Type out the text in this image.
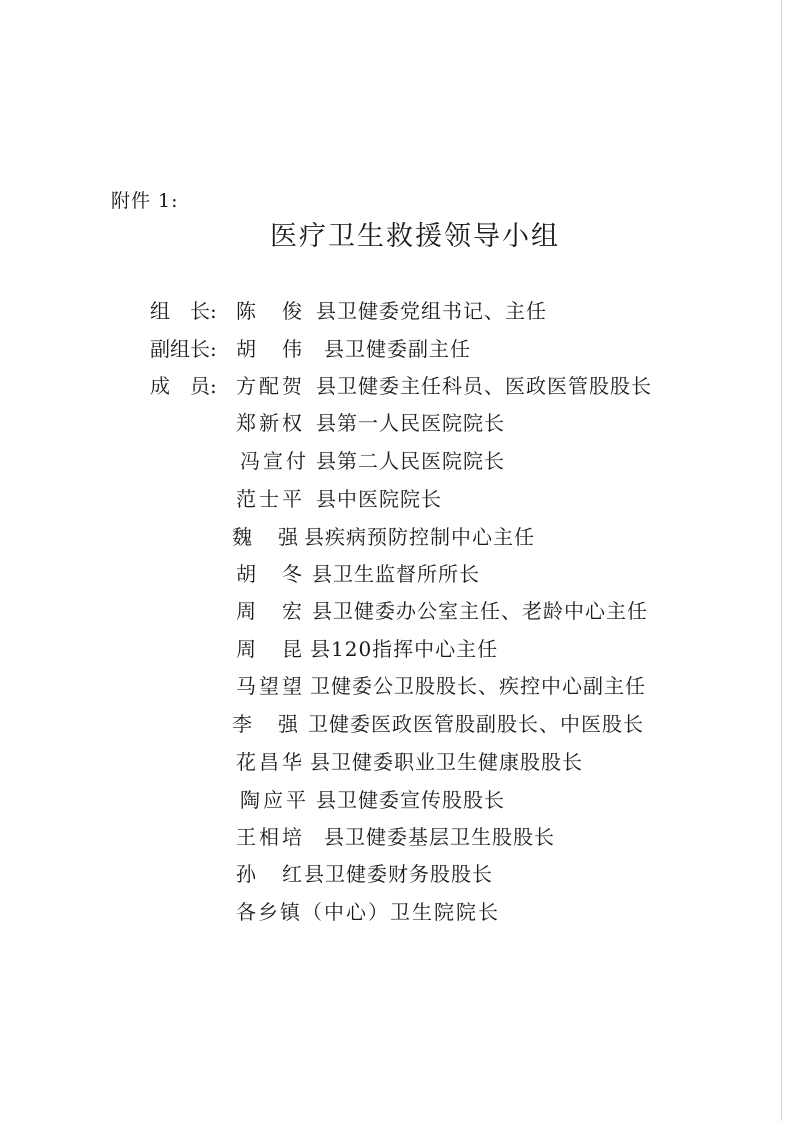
附件 1:
医疗卫生救援领导小组
组　长: 陈　俊 县卫健委党组书记、主任
副组长: 胡　伟 县卫健委副主任
成　员: 方配贺 县卫健委主任科员、医政医管股股长
郑新权 县第一人民医院院长
冯宣付 县第二人民医院院长
范士平 县中医院院长
魏　强 县疾病预防控制中心主任
胡　冬 县卫生监督所所长
周　宏 县卫健委办公室主任、老龄中心主任
周　昆 县120指挥中心主任
马望望 卫健委公卫股股长、疾控中心副主任
李　强 卫健委医政医管股副股长、中医股长
花昌华 县卫健委职业卫生健康股股长
陶应平 县卫健委宣传股股长
王相培 县卫健委基层卫生股股长
孙　红 县卫健委财务股股长
各乡镇（中心）卫生院院长
